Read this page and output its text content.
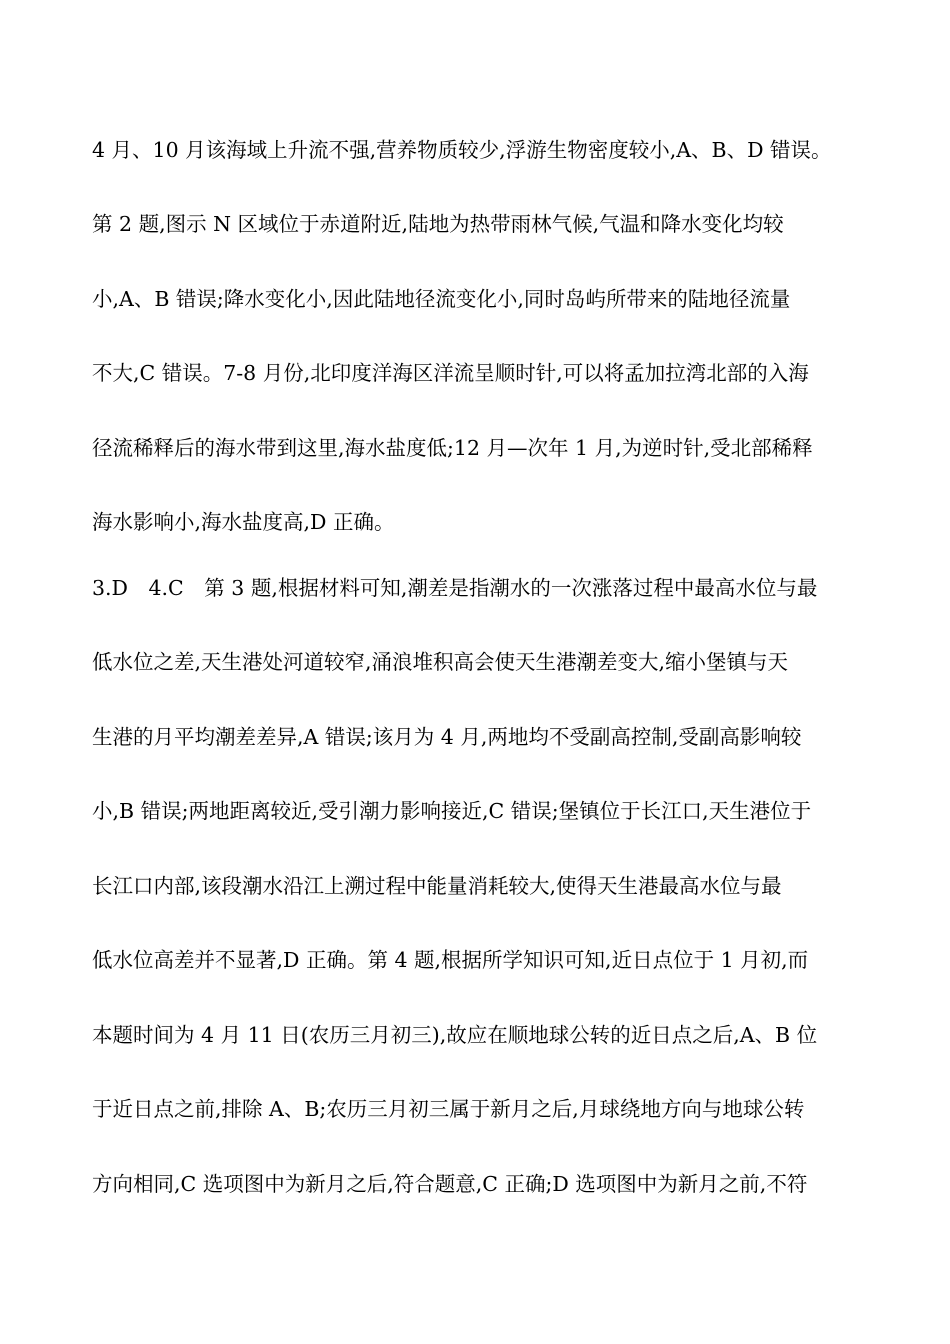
4 月、10 月该海域上升流不强,营养物质较少,浮游生物密度较小,A、B、D 错误。
第 2 题,图示 N 区域位于赤道附近,陆地为热带雨林气候,气温和降水变化均较
小,A、B 错误;降水变化小,因此陆地径流变化小,同时岛屿所带来的陆地径流量
不大,C 错误。7-8 月份,北印度洋海区洋流呈顺时针,可以将孟加拉湾北部的入海
径流稀释后的海水带到这里,海水盐度低;12 月—次年 1 月,为逆时针,受北部稀释
海水影响小,海水盐度高,D 正确。
3.D　4.C　第 3 题,根据材料可知,潮差是指潮水的一次涨落过程中最高水位与最
低水位之差,天生港处河道较窄,涌浪堆积高会使天生港潮差变大,缩小堡镇与天
生港的月平均潮差差异,A 错误;该月为 4 月,两地均不受副高控制,受副高影响较
小,B 错误;两地距离较近,受引潮力影响接近,C 错误;堡镇位于长江口,天生港位于
长江口内部,该段潮水沿江上溯过程中能量消耗较大,使得天生港最高水位与最
低水位高差并不显著,D 正确。第 4 题,根据所学知识可知,近日点位于 1 月初,而
本题时间为 4 月 11 日(农历三月初三),故应在顺地球公转的近日点之后,A、B 位
于近日点之前,排除 A、B;农历三月初三属于新月之后,月球绕地方向与地球公转
方向相同,C 选项图中为新月之后,符合题意,C 正确;D 选项图中为新月之前,不符
